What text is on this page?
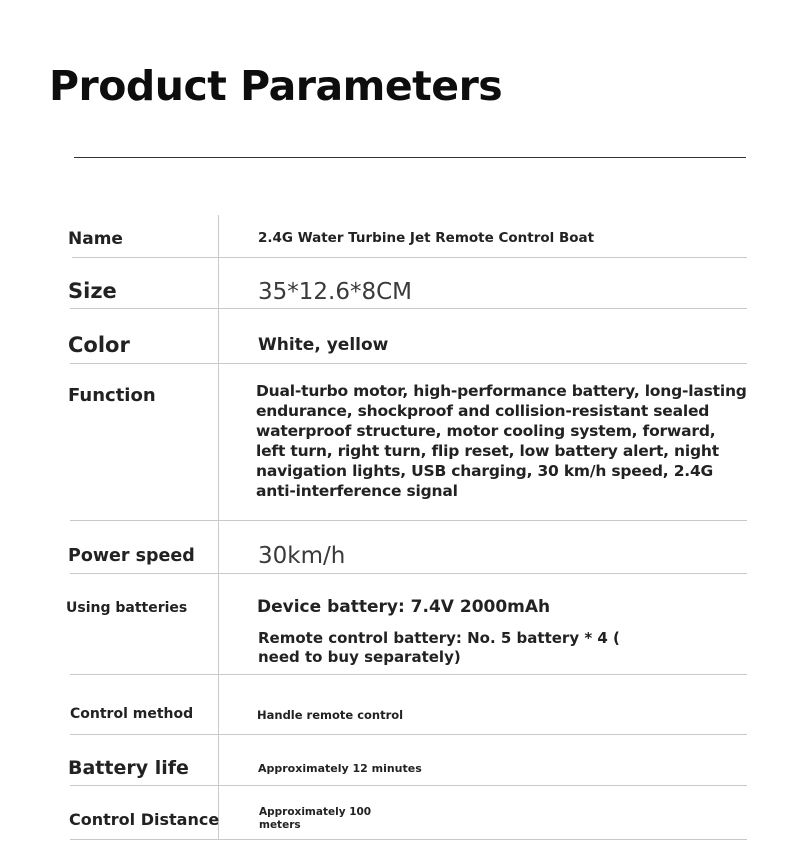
Product Parameters
Name	2.4G Water Turbine Jet Remote Control Boat
Size	35*12.6*8CM
Color	White, yellow
Function	Dual-turbo motor, high-performance battery, long-lasting endurance, shockproof and collision-resistant sealed waterproof structure, motor cooling system, forward, left turn, right turn, flip reset, low battery alert, night navigation lights, USB charging, 30 km/h speed, 2.4G anti-interference signal
Power speed	30km/h
Using batteries	Device battery: 7.4V 2000mAh
Remote control battery: No. 5 battery * 4 ( need to buy separately)
Control method	Handle remote control
Battery life	Approximately 12 minutes
Control Distance	Approximately 100 meters
